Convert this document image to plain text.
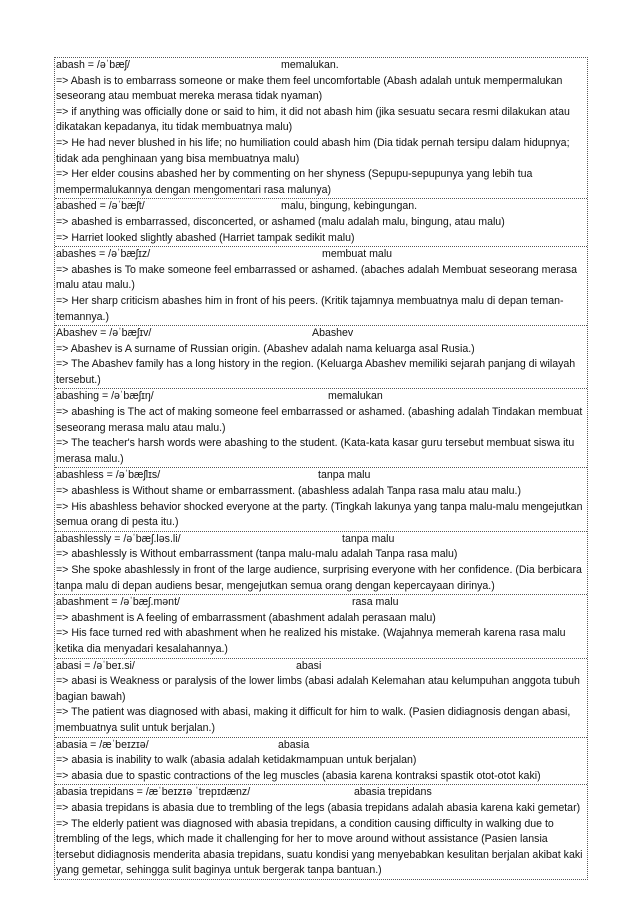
abash = /əˈbæʃ/	memalukan.
=> Abash is to embarrass someone or make them feel uncomfortable (Abash adalah untuk mempermalukan seseorang atau membuat mereka merasa tidak nyaman)
=> if anything was officially done or said to him, it did not abash him (jika sesuatu secara resmi dilakukan atau dikatakan kepadanya, itu tidak membuatnya malu)
=> He had never blushed in his life; no humiliation could abash him (Dia tidak pernah tersipu dalam hidupnya;
tidak ada penghinaan yang bisa membuatnya malu)
=> Her elder cousins abashed her by commenting on her shyness (Sepupu-sepupunya yang lebih tua mempermalukannya dengan mengomentari rasa malunya)
abashed = /əˈbæʃt/	malu, bingung, kebingungan.
=> abashed is embarrassed, disconcerted, or ashamed (malu adalah malu, bingung, atau malu)
=> Harriet looked slightly abashed (Harriet tampak sedikit malu)
abashes = /əˈbæʃɪz/	membuat malu
=> abashes is To make someone feel embarrassed or ashamed. (abaches adalah Membuat seseorang merasa malu atau malu.)
=> Her sharp criticism abashes him in front of his peers. (Kritik tajamnya membuatnya malu di depan teman-temannya.)
Abashev = /əˈbæʃɪv/	Abashev
=> Abashev is A surname of Russian origin. (Abashev adalah nama keluarga asal Rusia.)
=> The Abashev family has a long history in the region. (Keluarga Abashev memiliki sejarah panjang di wilayah tersebut.)
abashing = /əˈbæʃɪŋ/	memalukan
=> abashing is The act of making someone feel embarrassed or ashamed. (abashing adalah Tindakan membuat seseorang merasa malu atau malu.)
=> The teacher's harsh words were abashing to the student. (Kata-kata kasar guru tersebut membuat siswa itu merasa malu.)
abashless = /əˈbæʃlɪs/	tanpa malu
=> abashless is Without shame or embarrassment. (abashless adalah Tanpa rasa malu atau malu.)
=> His abashless behavior shocked everyone at the party. (Tingkah lakunya yang tanpa malu-malu mengejutkan semua orang di pesta itu.)
abashlessly = /əˈbæʃ.ləs.li/	tanpa malu
=> abashlessly is Without embarrassment (tanpa malu-malu adalah Tanpa rasa malu)
=> She spoke abashlessly in front of the large audience, surprising everyone with her confidence. (Dia berbicara tanpa malu di depan audiens besar, mengejutkan semua orang dengan kepercayaan dirinya.)
abashment = /əˈbæʃ.mənt/	rasa malu
=> abashment is A feeling of embarrassment (abashment adalah perasaan malu)
=> His face turned red with abashment when he realized his mistake. (Wajahnya memerah karena rasa malu ketika dia menyadari kesalahannya.)
abasi = /əˈbeɪ.si/	abasi
=> abasi is Weakness or paralysis of the lower limbs (abasi adalah Kelemahan atau kelumpuhan anggota tubuh bagian bawah)
=> The patient was diagnosed with abasi, making it difficult for him to walk. (Pasien didiagnosis dengan abasi, membuatnya sulit untuk berjalan.)
abasia = /æˈbeɪzɪə/	abasia
=> abasia is inability to walk (abasia adalah ketidakmampuan untuk berjalan)
=> abasia due to spastic contractions of the leg muscles (abasia karena kontraksi spastik otot-otot kaki)
abasia trepidans = /æˈbeɪzɪə ˈtrepɪdænz/	abasia trepidans
=> abasia trepidans is abasia due to trembling of the legs (abasia trepidans adalah abasia karena kaki gemetar)
=> The elderly patient was diagnosed with abasia trepidans, a condition causing difficulty in walking due to trembling of the legs, which made it challenging for her to move around without assistance (Pasien lansia tersebut didiagnosis menderita abasia trepidans, suatu kondisi yang menyebabkan kesulitan berjalan akibat kaki yang gemetar, sehingga sulit baginya untuk bergerak tanpa bantuan.)
